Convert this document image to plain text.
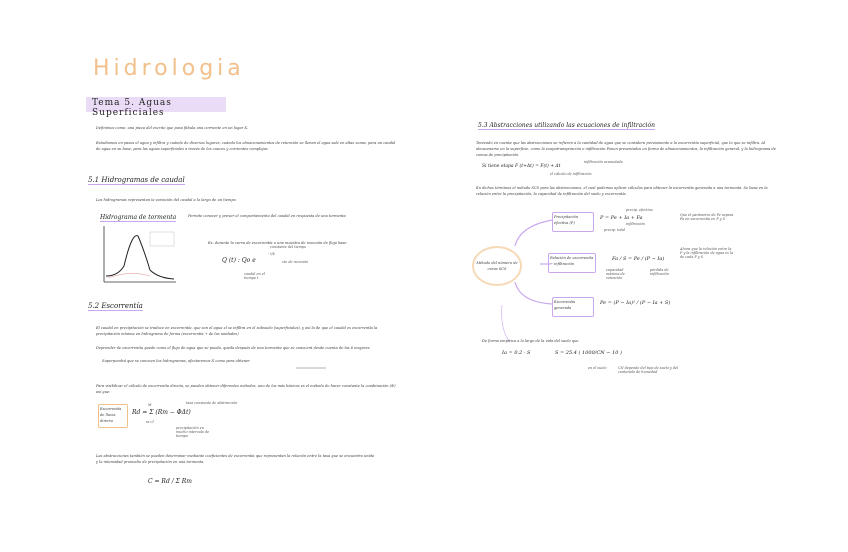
Hidrologia
Tema 5. Aguas Superficiales
Definimos como: una pieza del escrito que pasa fábula una corriente en un lugar X.
Estudiamos en pasos el agua y infiltra y cuándo de diversos lugares, cuándo los almacenamientos de retención se llenan el agua sale en altas zonas, para un caudal de agua en su base, para las aguas superficiales a través de los cauces y corrientes complejas.
5.1 Hidrogramas de caudal
Los hidrogramas representan la variación del caudal a lo largo de un tiempo
Hidrograma de tormenta	Permite conocer y prever el comportamiento del caudal en respuesta de una tormenta
Ex. durante la curva de escorrentía o una muestra de reacción de flujo base
Q (t) : Qo e
- t/k
constante del tiempo
caudal en el tiempo t
cte de recesión
5.2 Escorrentía
El caudal en precipitación se traduce en escorrentía, que son el agua el se infiltra en el subsuelo (superficiales), y así la de que el caudal es escorrentía la precipitación mínima en hidrograma de forma (escorrentía + de las unidades)
Deprender de escorrentía quede como el flujo de agua que se pueda, queda después de una tormenta que se conocerá desde cuenta de las 6 mayores
Superpondrá que se conocen los hidrogramas, afectaremos X como para obtener
Para visibilizar el cálculo de escorrentía directa, se pueden obtener diferentes métodos, uno de los más básicos es el método de hacer constante la combinación (Φ) así que:
Escorrentía de lluvia directa
Rd = Σ (Rm − ΦΔt)
M
m=1
tasa constante de abstracción
precipitación en mucho intervalo de tiempo
Las abstracciones también se pueden determinar mediante coeficientes de escorrentía que representan la relación entre la tasa que se encuentra unida y la intensidad promedio de precipitación en una tormenta.
C = Rd / Σ Rm
5.3 Abstracciones utilizando las ecuaciones de infiltración
Teniendo en cuenta que las abstracciones se refieren a la cantidad de agua que se considera previamente a la escorrentía superficial, que lo que se infiltra. Al almacenarse en la superficie, como la evapotranspiración e infiltración Ponen presentados en forma de almacenamientos, la infiltración general, y la hidrograma de comas de precipitación.
Si tiene etapa F (t+Δt) = F(t) + Δt
infiltración acumulada
el cálculo de infiltración
En dichos términos el método SCS para las abstracciones, el cual podemos aplicar cálculos para obtener la escorrentía generada a una tormenta. Se basa en la relación entre la precipitación, la capacidad de infiltración del suelo y escorrentía
Método del número de curva SCS
Precipitación efectiva (P)
Relación de escorrentía − infiltración
Escorrentía generada
P = Pe + Ia + Fa
Fa / S = Pe / (P − Ia)
Pe = (P − Ia)² / (P − Ia + S)
Que el parámetro de Pe separa Fa en escorrentía en P y S
Ahora que la relación entre la P y la infiltración de agua es la de cada P y S
precip. efectiva
infiltración
precip. total
capacidad máxima de retención
pérdida de infiltración
De forma empírica a lo largo de la vida del suelo que
Ia = 0.2 · S	S = 25.4 ( 1000/CN − 10 )
en el suelo	CN depende del tipo de suelo y del contenido de humedad
